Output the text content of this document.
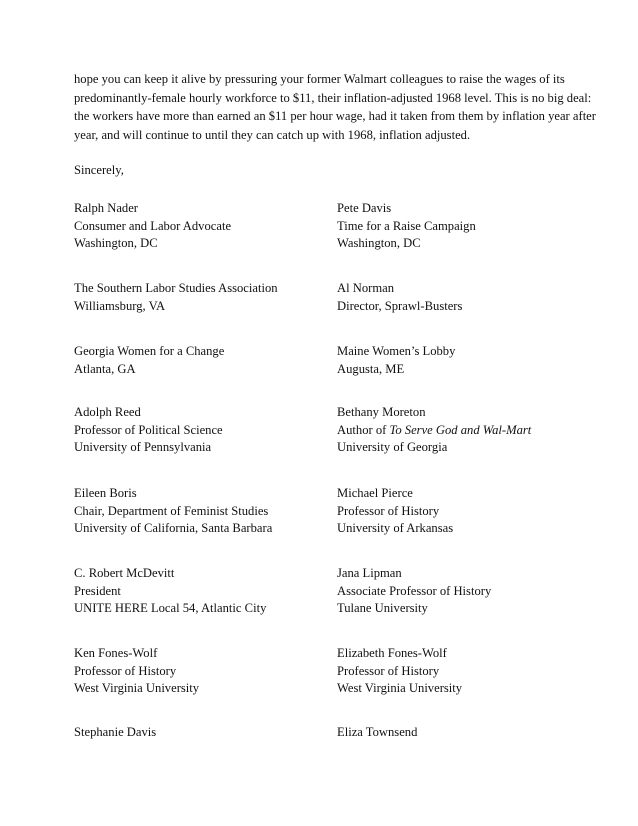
hope you can keep it alive by pressuring your former Walmart colleagues to raise the wages of its
predominantly-female hourly workforce to $11, their inflation-adjusted 1968 level. This is no big deal:
the workers have more than earned an $11 per hour wage, had it taken from them by inflation year after
year, and will continue to until they can catch up with 1968, inflation adjusted.
Sincerely,
Ralph Nader
Consumer and Labor Advocate
Washington, DC
Pete Davis
Time for a Raise Campaign
Washington, DC
The Southern Labor Studies Association
Williamsburg, VA
Al Norman
Director, Sprawl-Busters
Georgia Women for a Change
Atlanta, GA
Maine Women’s Lobby
Augusta, ME
Adolph Reed
Professor of Political Science
University of Pennsylvania
Bethany Moreton
Author of To Serve God and Wal-Mart
University of Georgia
Eileen Boris
Chair, Department of Feminist Studies
University of California, Santa Barbara
Michael Pierce
Professor of History
University of Arkansas
C. Robert McDevitt
President
UNITE HERE Local 54, Atlantic City
Jana Lipman
Associate Professor of History
Tulane University
Ken Fones-Wolf
Professor of History
West Virginia University
Elizabeth Fones-Wolf
Professor of History
West Virginia University
Stephanie Davis	Eliza Townsend
